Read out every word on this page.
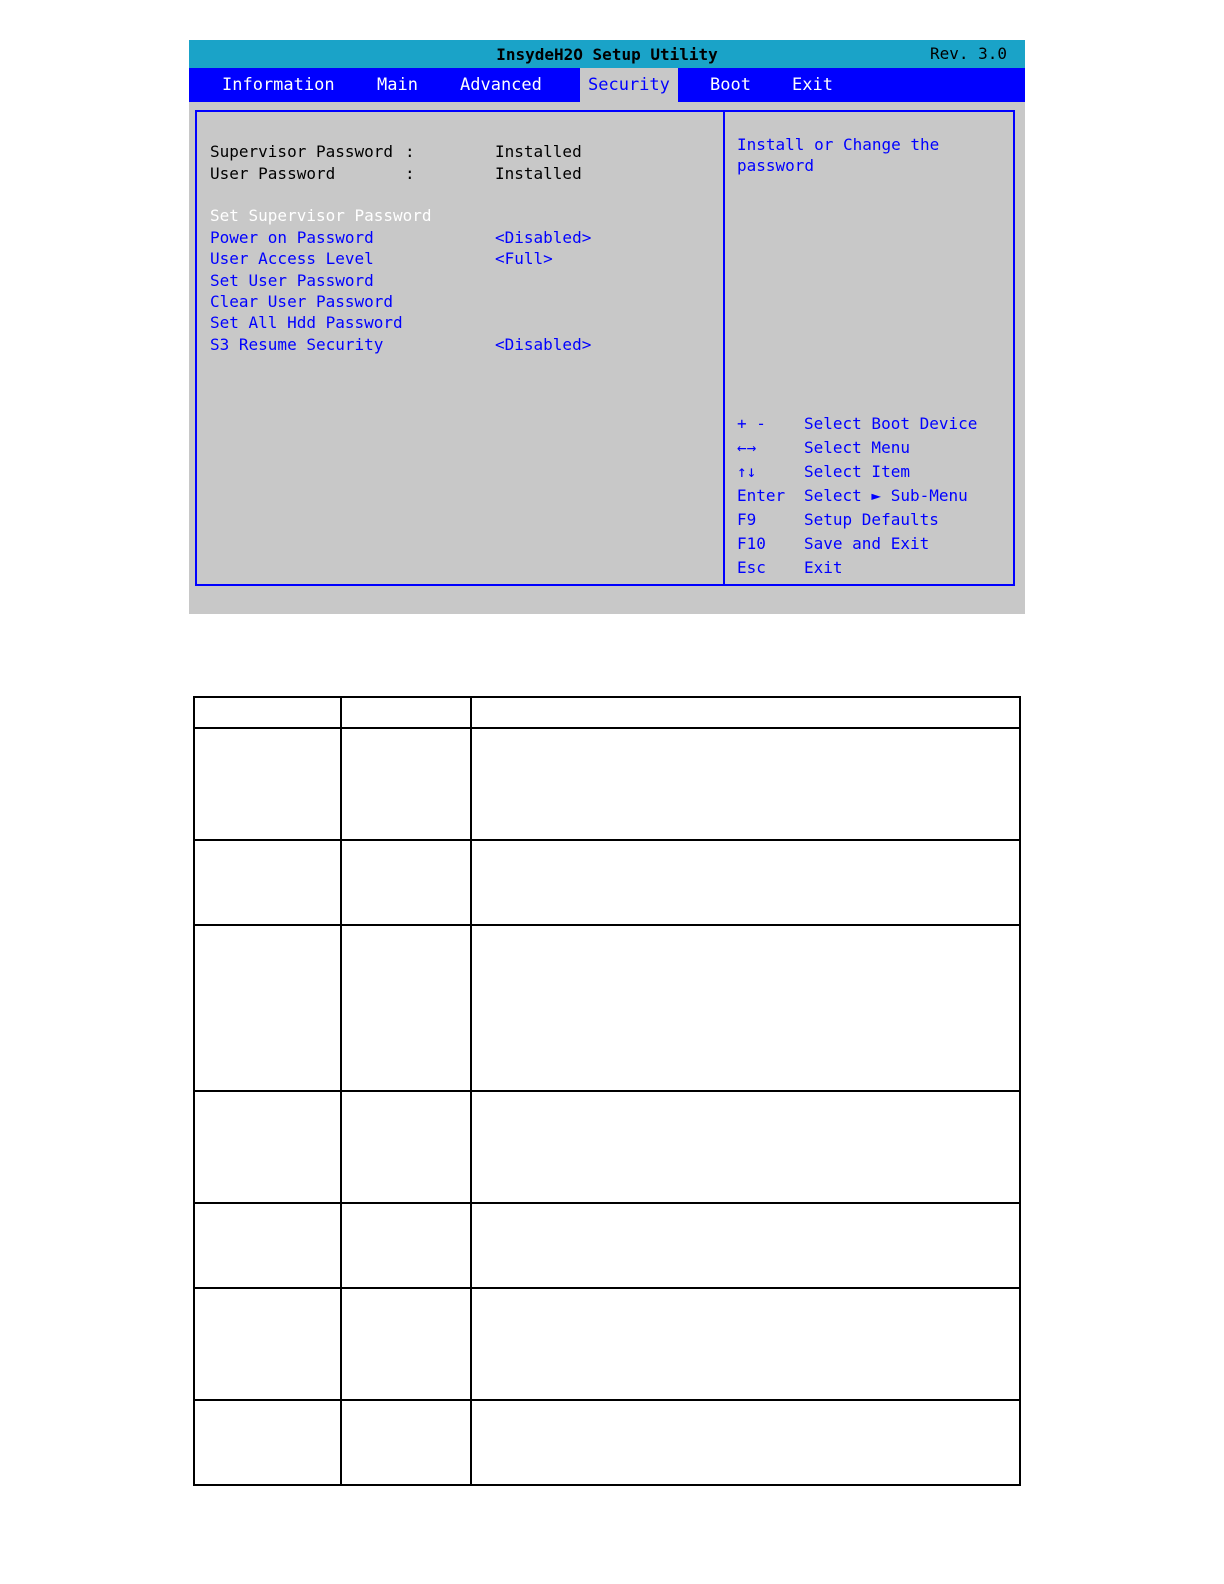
InsydeH2O Setup Utility	Rev. 3.0
Information Main Advanced	Security	Boot Exit
Supervisor Password :	Installed
User Password	:	Installed
Set Supervisor Password
Power on Password	<Disabled>
User Access Level	<Full>
Set User Password
Clear User Password
Set All Hdd Password
S3 Resume Security	<Disabled>
Install or Change the
password
+ - Select Boot Device
←→	Select Menu
↑↓	Select Item
Enter Select ► Sub-Menu
F9	Setup Defaults
F10 Save and Exit
Esc Exit
